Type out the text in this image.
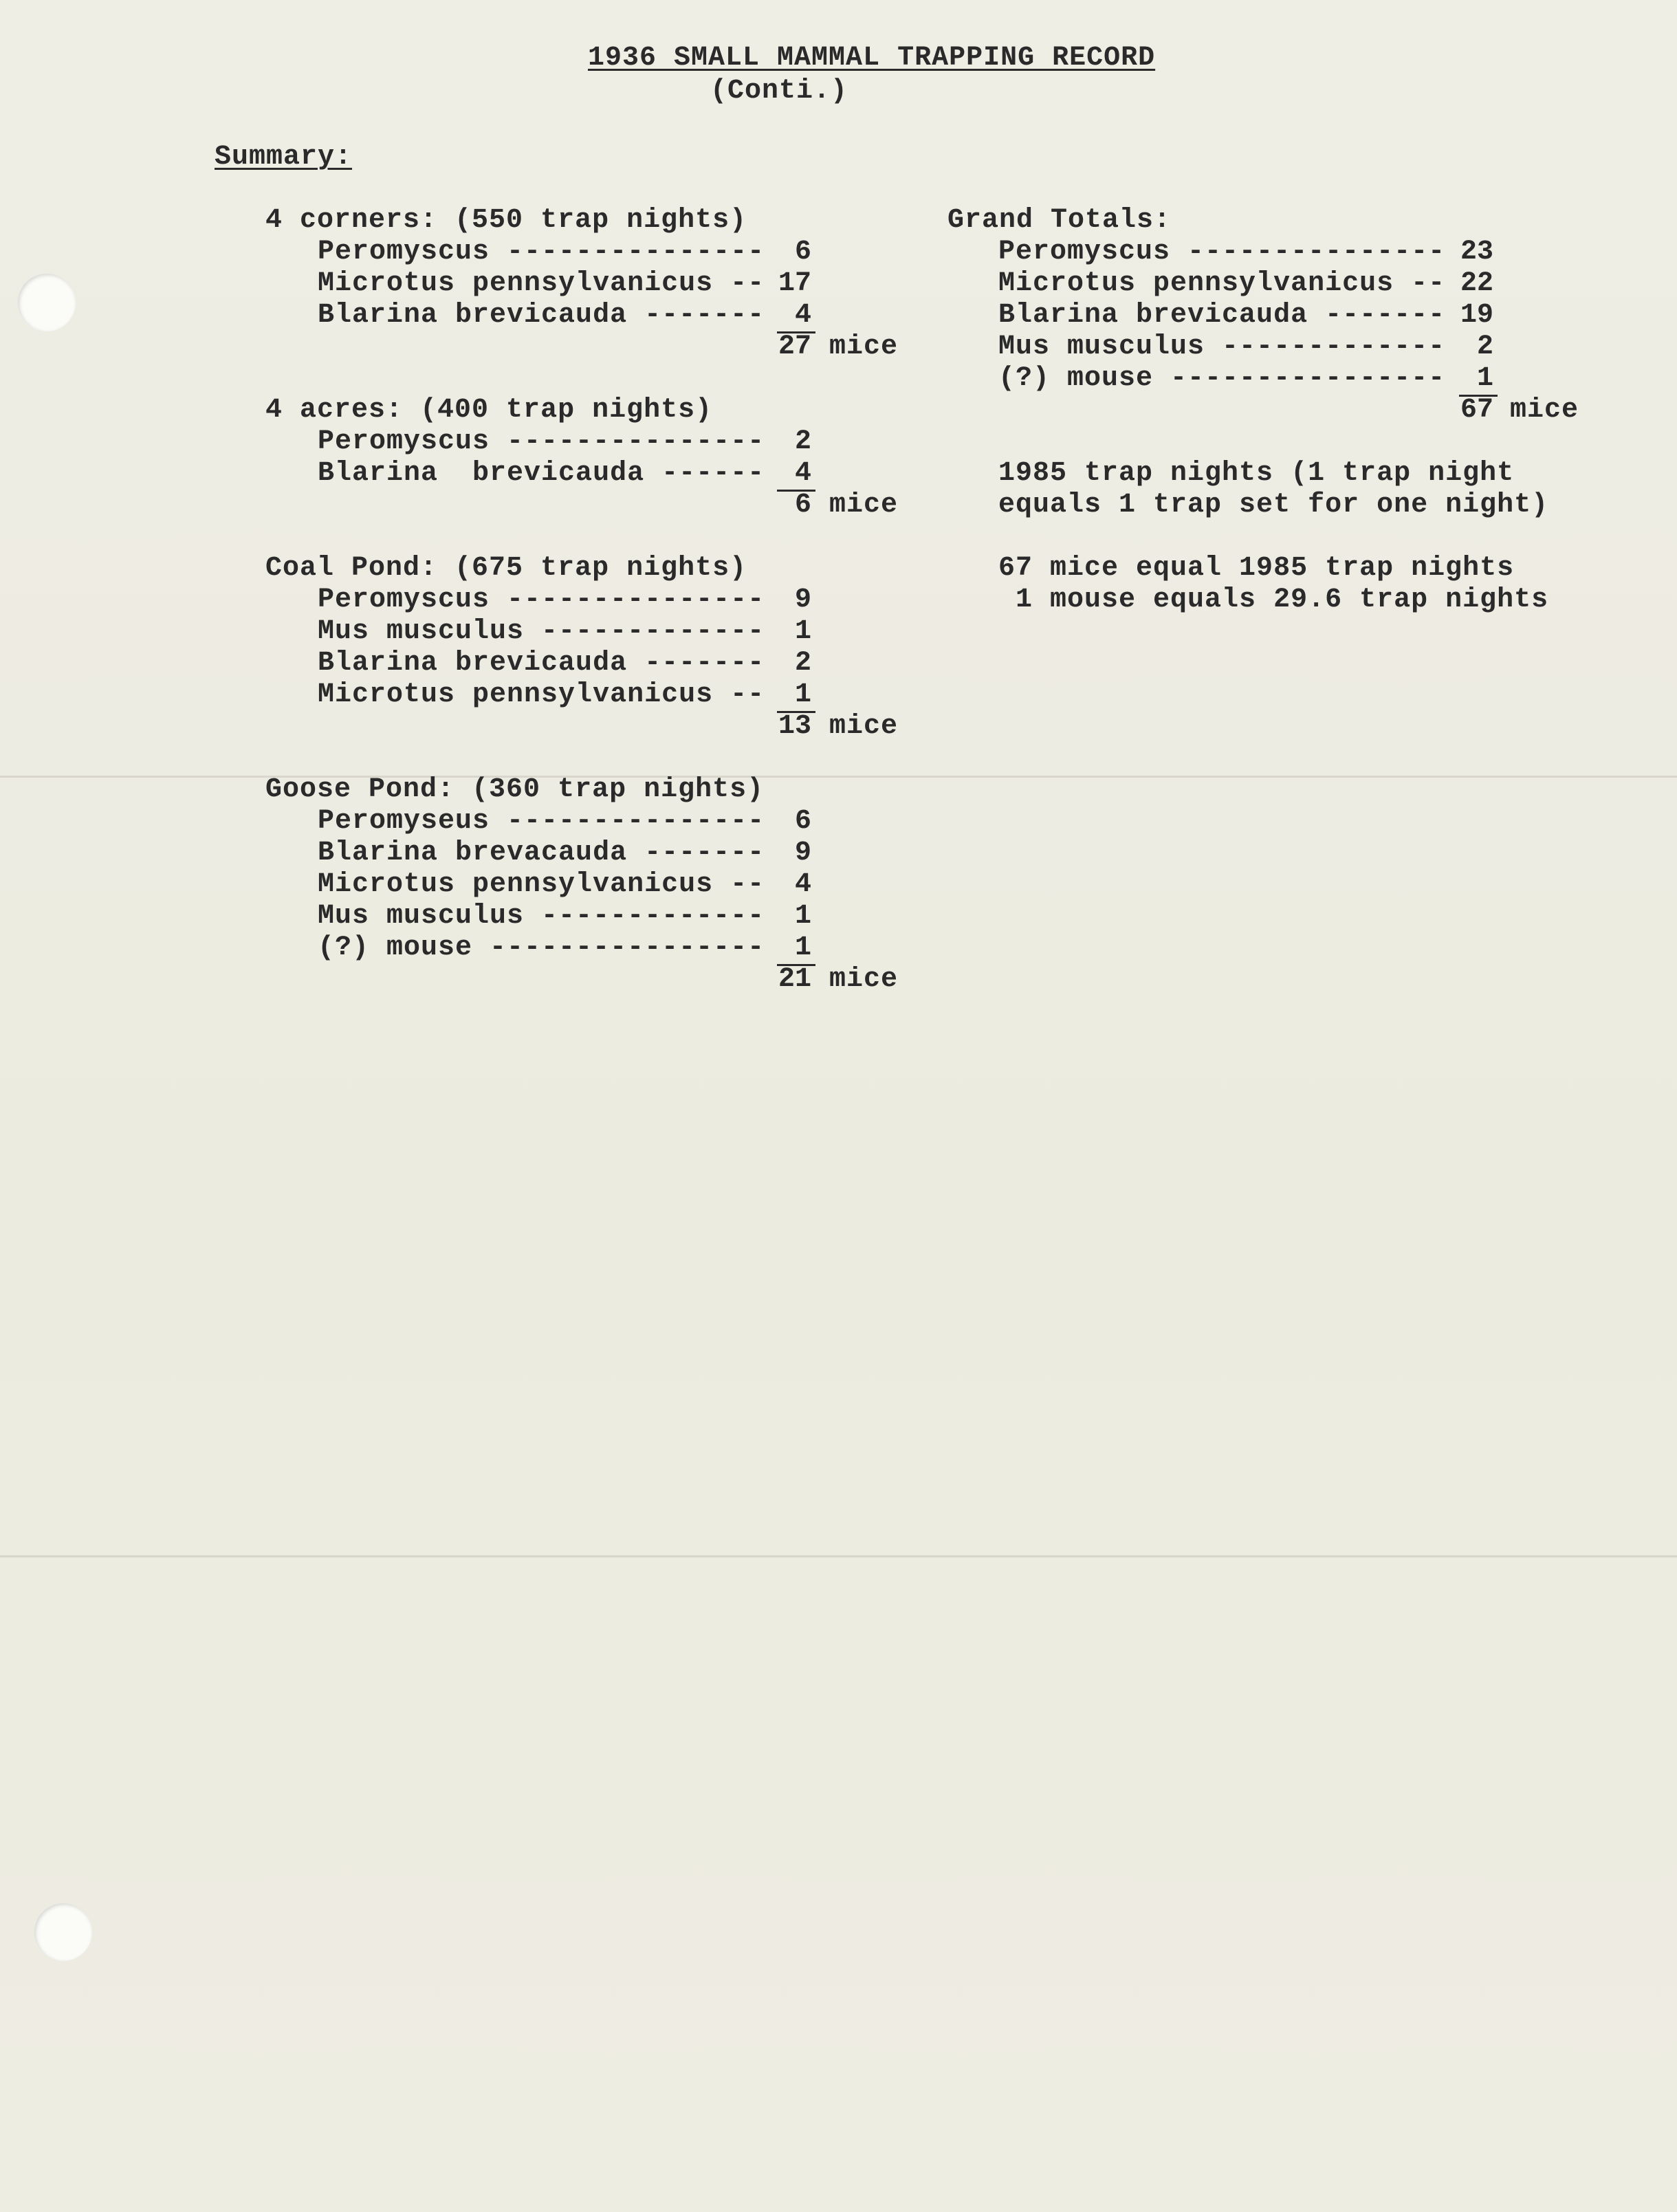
1936 SMALL MAMMAL TRAPPING RECORD
(Conti.)
Summary:
4 corners: (550 trap nights)
Peromyscus ---------------	6
Microtus pennsylvanicus -- 17
Blarina brevicauda -------	4
27 mice
4 acres: (400 trap nights)
Peromyscus ---------------	2
Blarina  brevicauda ------	4
6 mice
Coal Pond: (675 trap nights)
Peromyscus ---------------	9
Mus musculus -------------	1
Blarina brevicauda -------	2
Microtus pennsylvanicus --	1
13 mice
Goose Pond: (360 trap nights)
Peromyseus ---------------	6
Blarina brevacauda -------	9
Microtus pennsylvanicus --	4
Mus musculus -------------	1
(?) mouse ----------------	1
21 mice
Grand Totals:
Peromyscus --------------- 23
Microtus pennsylvanicus -- 22
Blarina brevicauda ------- 19
Mus musculus -------------	2
(?) mouse ----------------	1
67 mice
1985 trap nights (1 trap night
equals 1 trap set for one night)
67 mice equal 1985 trap nights
1 mouse equals 29.6 trap nights
